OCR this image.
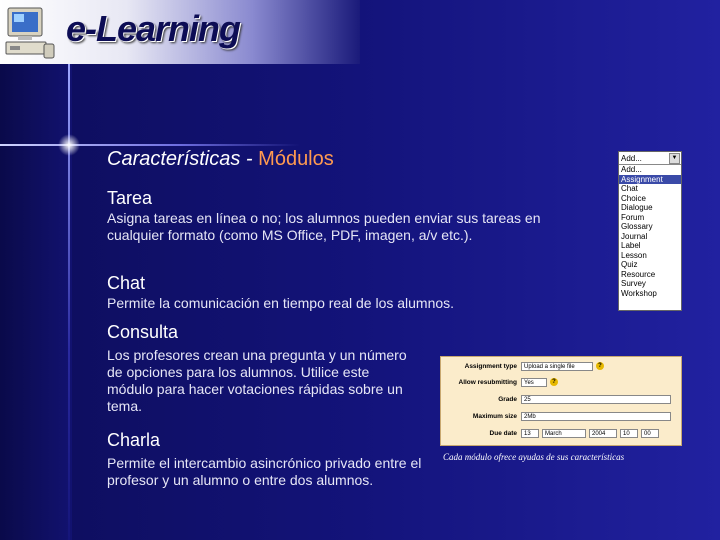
e-Learning
Características - Módulos
Tarea
Asigna tareas en línea o no; los alumnos pueden enviar sus tareas en cualquier formato (como MS Office, PDF, imagen, a/v etc.).
Chat
Permite la comunicación en tiempo real de los alumnos.
Consulta
Los profesores crean una pregunta y un número de opciones para los alumnos. Utilice este módulo para hacer votaciones rápidas sobre un tema.
Charla
Permite el intercambio asincrónico privado entre el profesor y un alumno o entre dos alumnos.
Add...	▼
Add...
Assignment
Chat
Choice
Dialogue
Forum
Glossary
Journal
Label
Lesson
Quiz
Resource
Survey
Workshop
Assignment type	Upload a single file	?
Allow resubmitting	Yes	?
Grade	25
Maximum size	2Mb
Due date	13	March	2004	10	00
Cada módulo ofrece ayudas de sus características
